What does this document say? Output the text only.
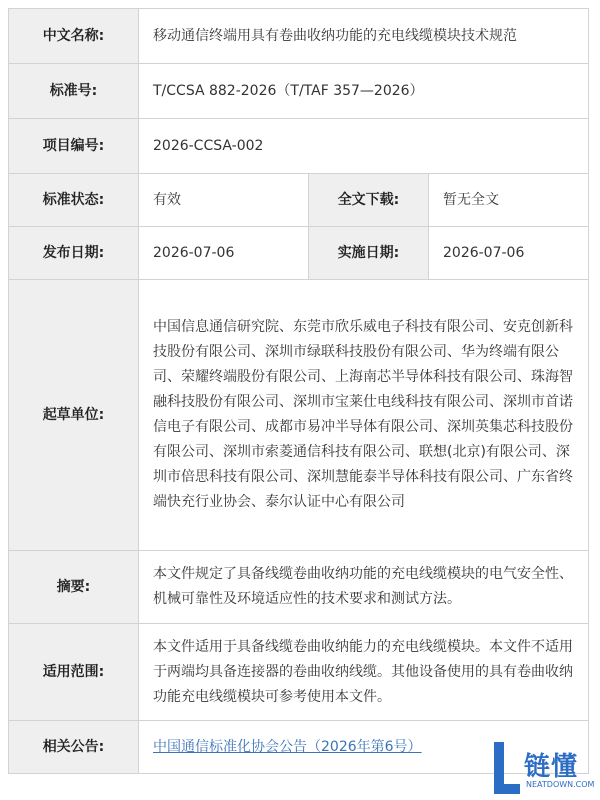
中文名称:	移动通信终端用具有卷曲收纳功能的充电线缆模块技术规范		
标准号:	T/CCSA 882-2026（T/TAF 357—2026）		
项目编号:	2026-CCSA-002		
标准状态:	有效	全文下载:	暂无全文
发布日期:	2026-07-06	实施日期:	2026-07-06
起草单位:	中国信息通信研究院、东莞市欣乐威电子科技有限公司、安克创新科技股份有限公司、深圳市绿联科技股份有限公司、华为终端有限公司、荣耀终端股份有限公司、上海南芯半导体科技有限公司、珠海智融科技股份有限公司、深圳市宝莱仕电线科技有限公司、深圳市首诺信电子有限公司、成都市易冲半导体有限公司、深圳英集芯科技股份有限公司、深圳市索菱通信科技有限公司、联想(北京)有限公司、深圳市倍思科技有限公司、深圳慧能泰半导体科技有限公司、广东省终端快充行业协会、泰尔认证中心有限公司		
摘要:	本文件规定了具备线缆卷曲收纳功能的充电线缆模块的电气安全性、机械可靠性及环境适应性的技术要求和测试方法。		
适用范围:	本文件适用于具备线缆卷曲收纳能力的充电线缆模块。本文件不适用于两端均具备连接器的卷曲收纳线缆。其他设备使用的具有卷曲收纳功能充电线缆模块可参考使用本文件。		
相关公告:	中国通信标准化协会公告（2026年第6号）		
链懂
NEATDOWN.COM
